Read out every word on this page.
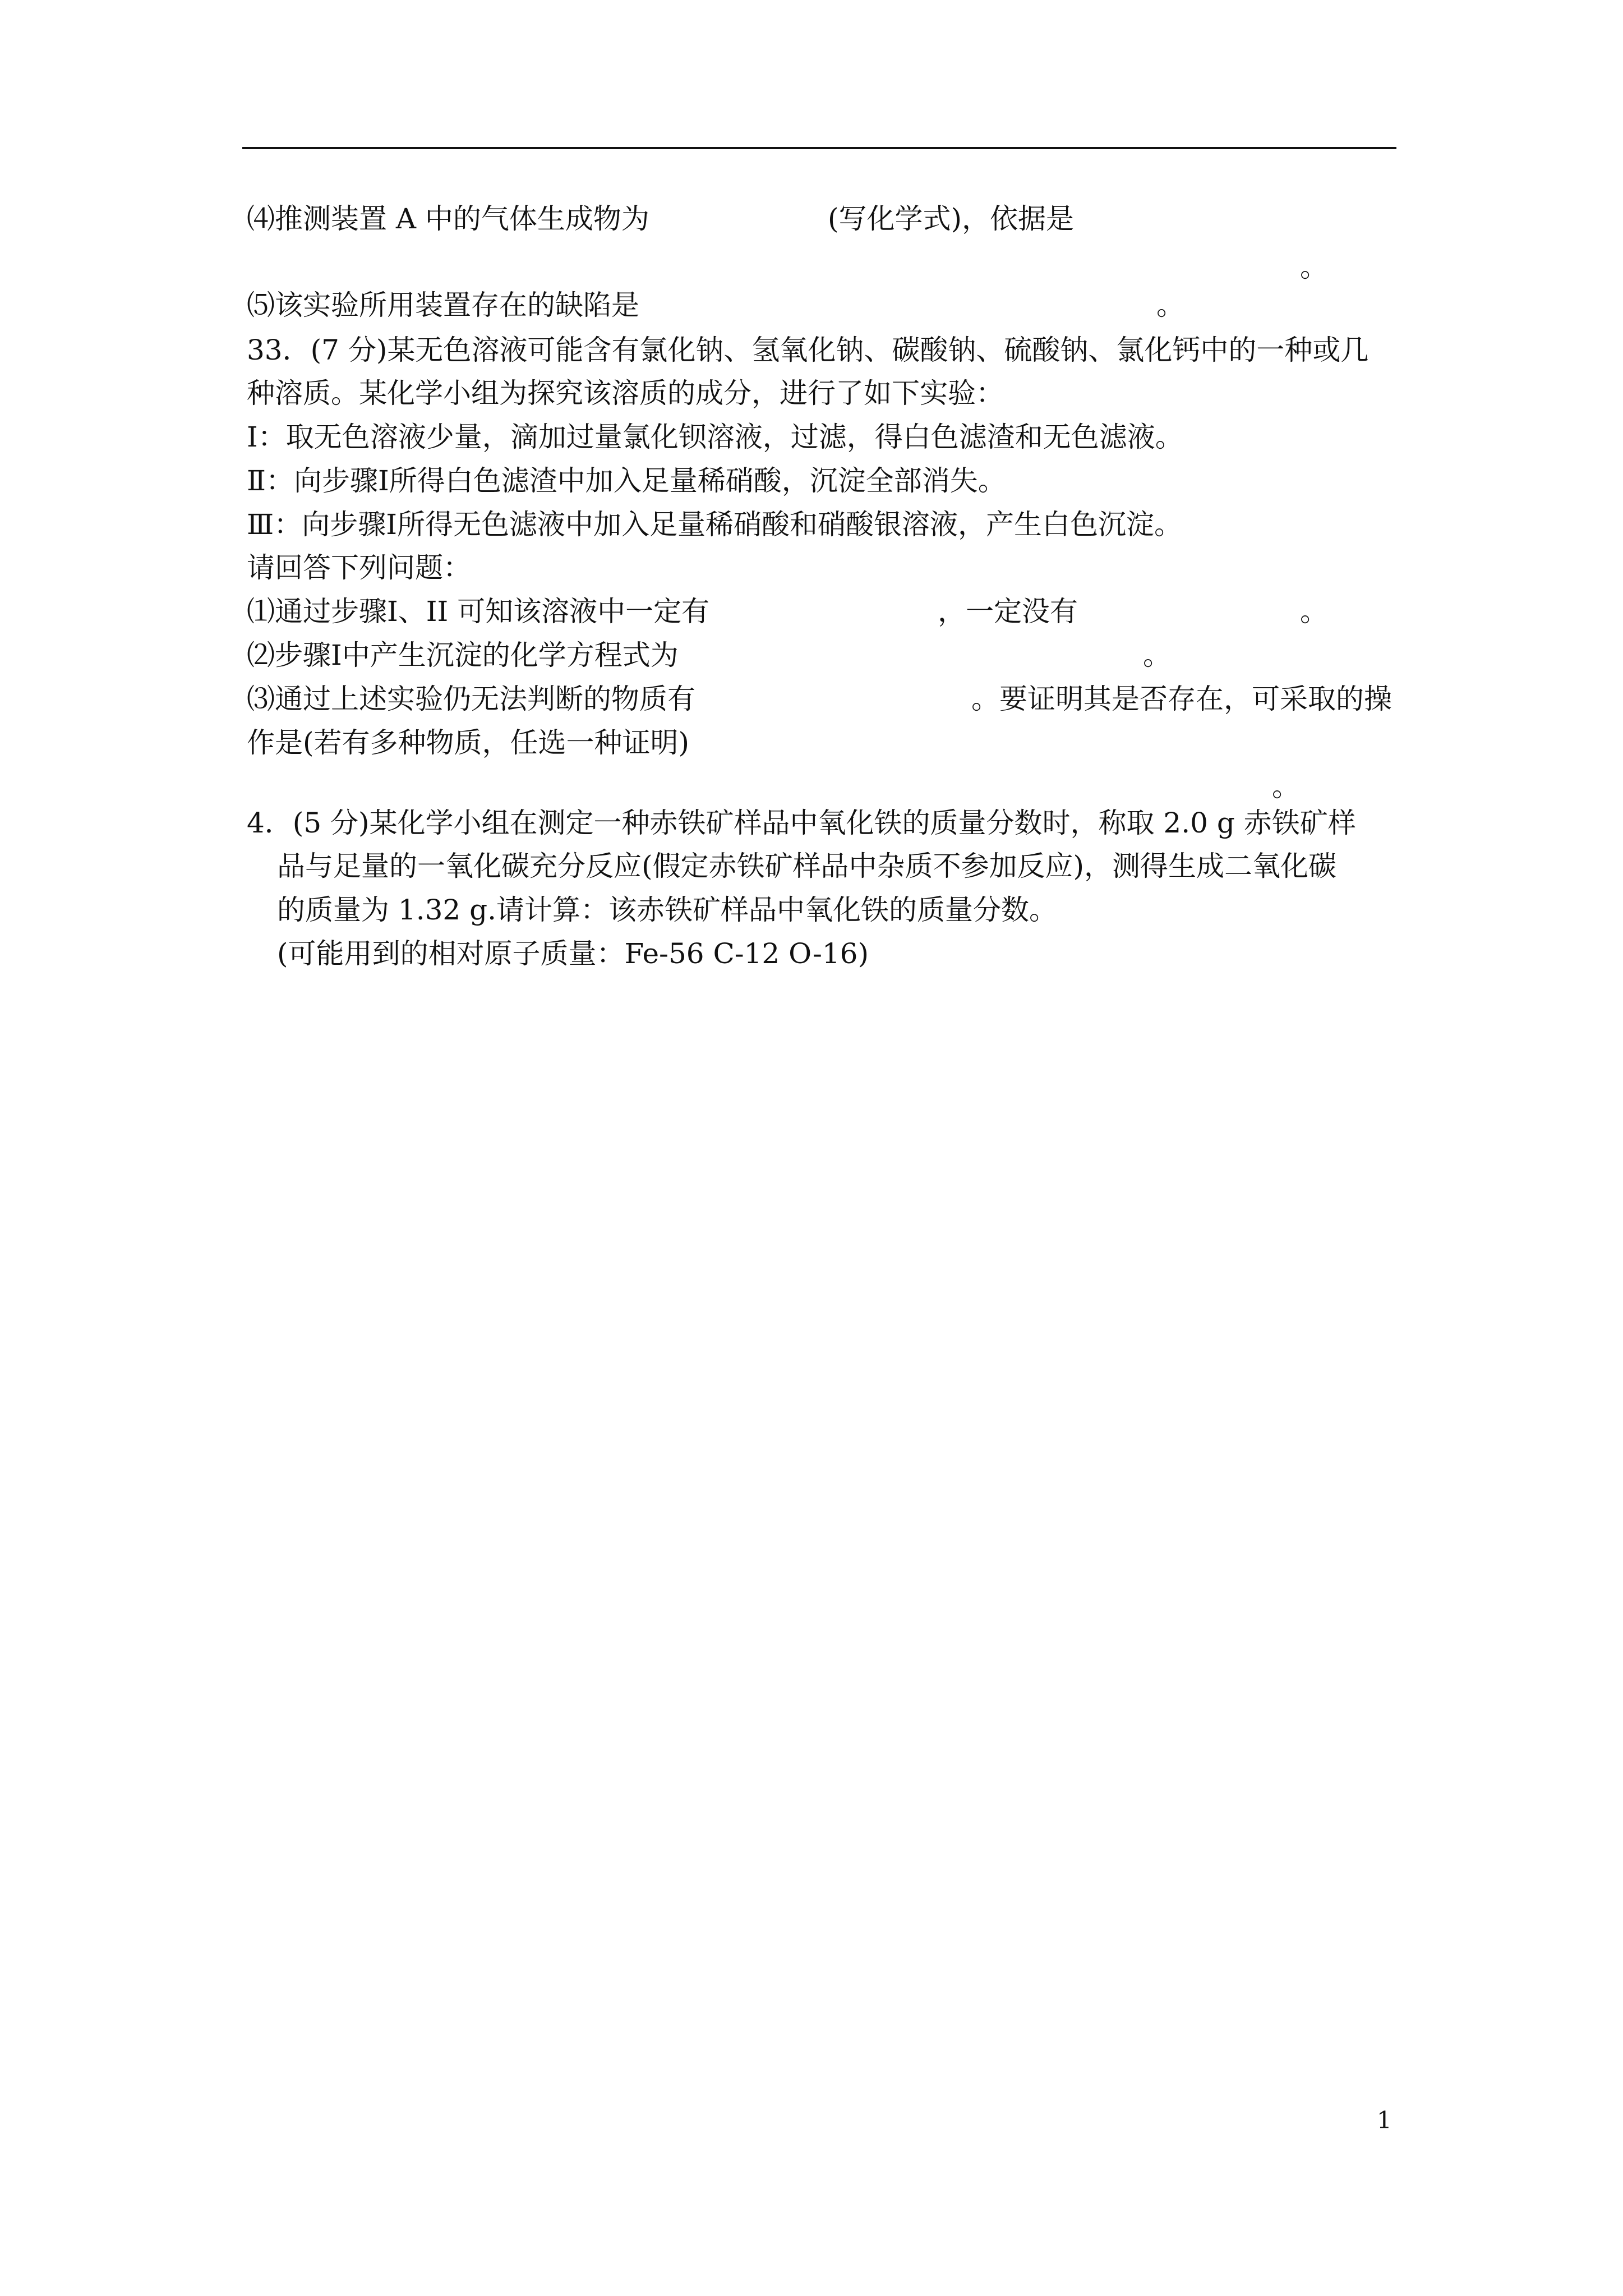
⑷推测装置 A 中的气体生成物为	(写化学式)，依据是
。
⑸该实验所用装置存在的缺陷是	。
33．(7 分)某无色溶液可能含有氯化钠、氢氧化钠、碳酸钠、硫酸钠、氯化钙中的一种或几
种溶质。某化学小组为探究该溶质的成分，进行了如下实验：
Ⅰ：取无色溶液少量，滴加过量氯化钡溶液，过滤，得白色滤渣和无色滤液。
Ⅱ：向步骤Ⅰ所得白色滤渣中加入足量稀硝酸，沉淀全部消失。
Ⅲ：向步骤Ⅰ所得无色滤液中加入足量稀硝酸和硝酸银溶液，产生白色沉淀。
请回答下列问题：
⑴通过步骤Ⅰ、II 可知该溶液中一定有	，一定没有	。
⑵步骤Ⅰ中产生沉淀的化学方程式为	。
⑶通过上述实验仍无法判断的物质有	。要证明其是否存在，可采取的操
作是(若有多种物质，任选一种证明)
。
4．(5 分)某化学小组在测定一种赤铁矿样品中氧化铁的质量分数时，称取 2.0 g 赤铁矿样
品与足量的一氧化碳充分反应(假定赤铁矿样品中杂质不参加反应)，测得生成二氧化碳
的质量为 1.32 g.请计算：该赤铁矿样品中氧化铁的质量分数。
(可能用到的相对原子质量：Fe-56 C-12 O-16)
1
